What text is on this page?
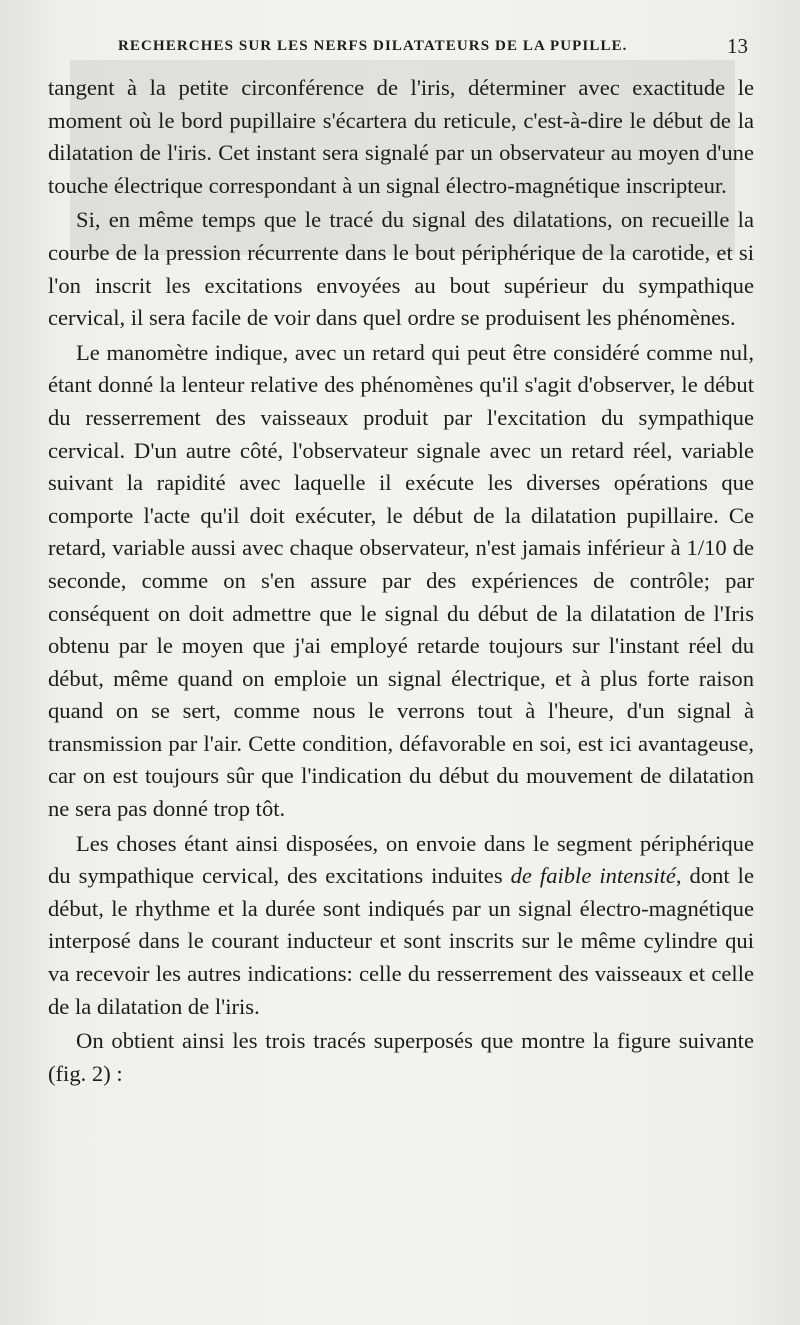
RECHERCHES SUR LES NERFS DILATATEURS DE LA PUPILLE.	13

tangent à la petite circonférence de l'iris, déterminer avec exactitude le moment où le bord pupillaire s'écartera du reticule, c'est-à-dire le début de la dilatation de l'iris. Cet instant sera signalé par un observateur au moyen d'une touche électrique correspondant à un signal électro-magnétique inscripteur.

Si, en même temps que le tracé du signal des dilatations, on recueille la courbe de la pression récurrente dans le bout périphérique de la carotide, et si l'on inscrit les excitations envoyées au bout supérieur du sympathique cervical, il sera facile de voir dans quel ordre se produisent les phénomènes.

Le manomètre indique, avec un retard qui peut être considéré comme nul, étant donné la lenteur relative des phénomènes qu'il s'agit d'observer, le début du resserrement des vaisseaux produit par l'excitation du sympathique cervical. D'un autre côté, l'observateur signale avec un retard réel, variable suivant la rapidité avec laquelle il exécute les diverses opérations que comporte l'acte qu'il doit exécuter, le début de la dilatation pupillaire. Ce retard, variable aussi avec chaque observateur, n'est jamais inférieur à 1/10 de seconde, comme on s'en assure par des expériences de contrôle; par conséquent on doit admettre que le signal du début de la dilatation de l'Iris obtenu par le moyen que j'ai employé retarde toujours sur l'instant réel du début, même quand on emploie un signal électrique, et à plus forte raison quand on se sert, comme nous le verrons tout à l'heure, d'un signal à transmission par l'air. Cette condition, défavorable en soi, est ici avantageuse, car on est toujours sûr que l'indication du début du mouvement de dilatation ne sera pas donné trop tôt.

Les choses étant ainsi disposées, on envoie dans le segment périphérique du sympathique cervical, des excitations induites de faible intensité, dont le début, le rhythme et la durée sont indiqués par un signal électro-magnétique interposé dans le courant inducteur et sont inscrits sur le même cylindre qui va recevoir les autres indications: celle du resserrement des vaisseaux et celle de la dilatation de l'iris.

On obtient ainsi les trois tracés superposés que montre la figure suivante (fig. 2) :
